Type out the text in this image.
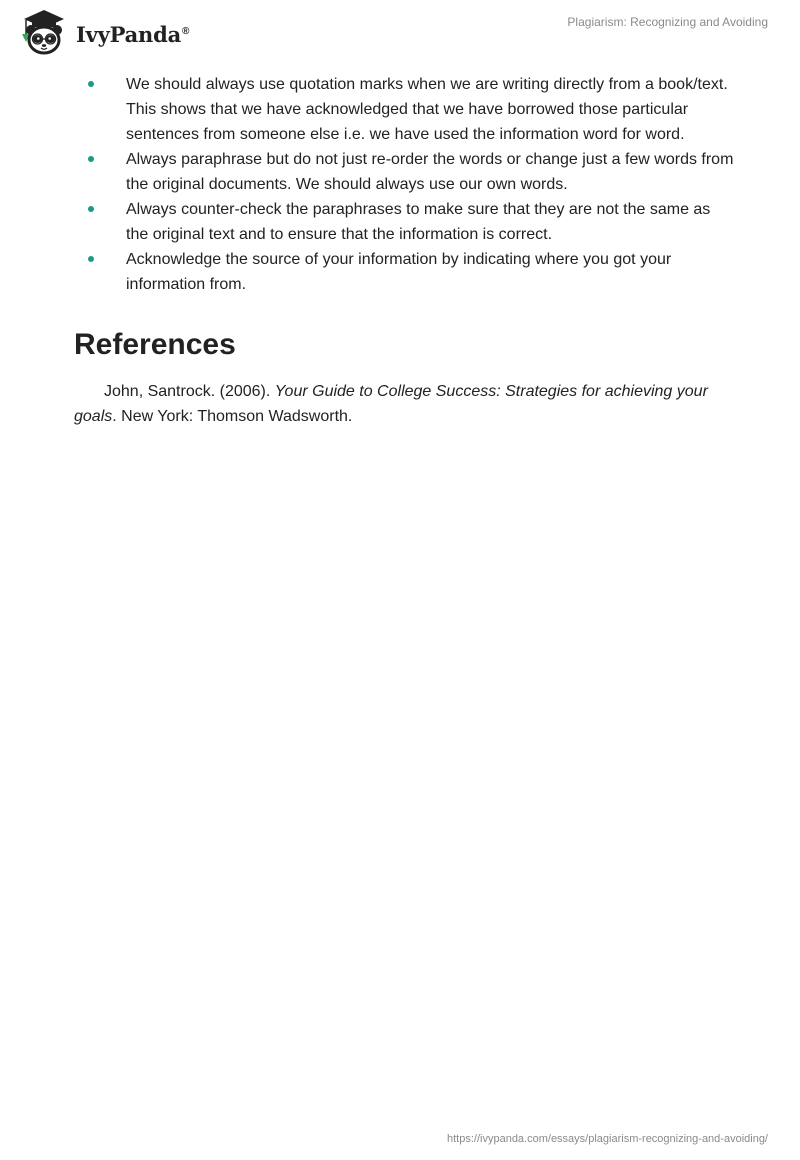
IvyPanda®
Plagiarism: Recognizing and Avoiding
We should always use quotation marks when we are writing directly from a book/text. This shows that we have acknowledged that we have borrowed those particular sentences from someone else i.e. we have used the information word for word.
Always paraphrase but do not just re-order the words or change just a few words from the original documents. We should always use our own words.
Always counter-check the paraphrases to make sure that they are not the same as the original text and to ensure that the information is correct.
Acknowledge the source of your information by indicating where you got your information from.
References

John, Santrock. (2006). Your Guide to College Success: Strategies for achieving your goals. New York: Thomson Wadsworth.

https://ivypanda.com/essays/plagiarism-recognizing-and-avoiding/
